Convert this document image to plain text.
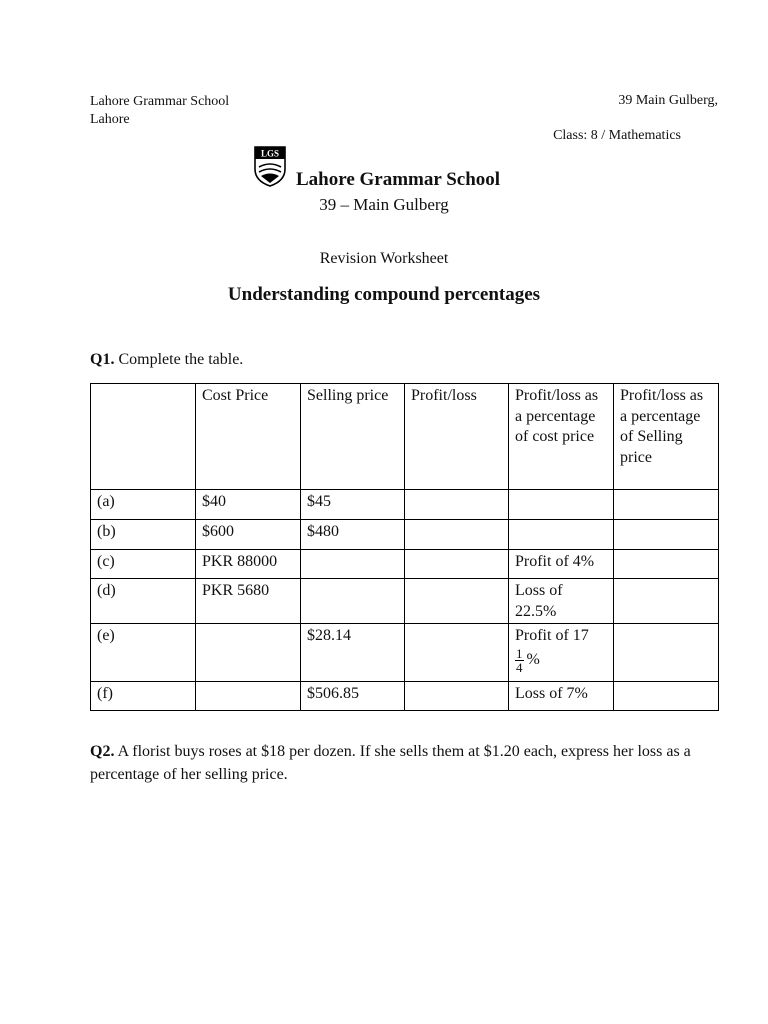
Lahore Grammar School
Lahore
39 Main Gulberg,
Class: 8 / Mathematics
LGS
Lahore Grammar School
39 – Main Gulberg
Revision Worksheet
Understanding compound percentages
Q1. Complete the table.
	Cost Price	Selling price	Profit/loss	Profit/loss as a percentage of cost price	Profit/loss as a percentage of Selling price
(a)	$40	$45			
(b)	$600	$480			
(c)	PKR 88000			Profit of 4%	
(d)	PKR 5680			Loss of 22.5%	
(e)		$28.14		Profit of 17
$\frac{1}{4}$ %	

(f)		$506.85		Loss of 7%	
Q2. A florist buys roses at $18 per dozen. If she sells them at $1.20 each, express her loss as a percentage of her selling price.
